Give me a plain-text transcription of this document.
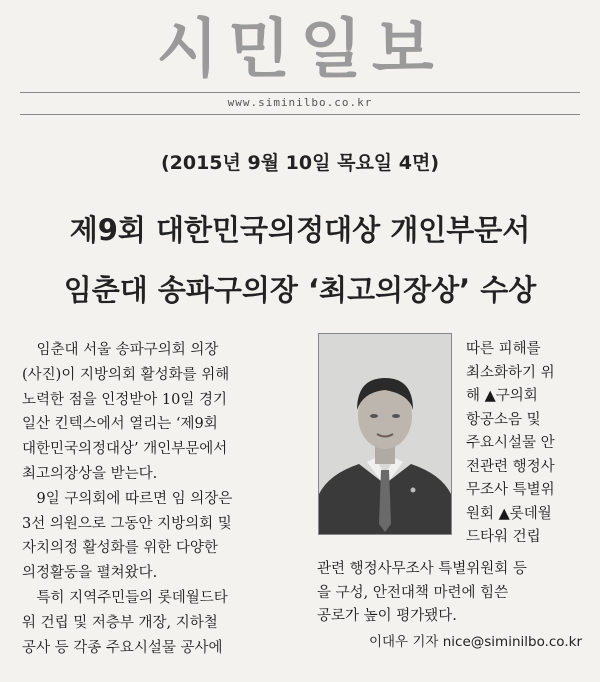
시민일보
www.siminilbo.co.kr
(2015년 9월 10일 목요일 4면)
제9회 대한민국의정대상 개인부문서
임춘대 송파구의장 ‘최고의장상’ 수상
　임춘대 서울 송파구의회 의장
(사진)이 지방의회 활성화를 위해
노력한 점을 인정받아 10일 경기
일산 킨텍스에서 열리는 ‘제9회
대한민국의정대상’ 개인부문에서
최고의장상을 받는다.
　9일 구의회에 따르면 임 의장은
3선 의원으로 그동안 지방의회 및
자치의정 활성화를 위한 다양한
의정활동을 펼쳐왔다.
　특히 지역주민들의 롯데월드타
워 건립 및 저층부 개장, 지하철
공사 등 각종 주요시설물 공사에
따른 피해를
최소화하기 위
해 ▲구의회
항공소음 및
주요시설물 안
전관련 행정사
무조사 특별위
원회 ▲롯데월
드타워 건립
관련 행정사무조사 특별위원회 등
을 구성, 안전대책 마련에 힘쓴
공로가 높이 평가됐다.
이대우 기자 nice@siminilbo.co.kr
